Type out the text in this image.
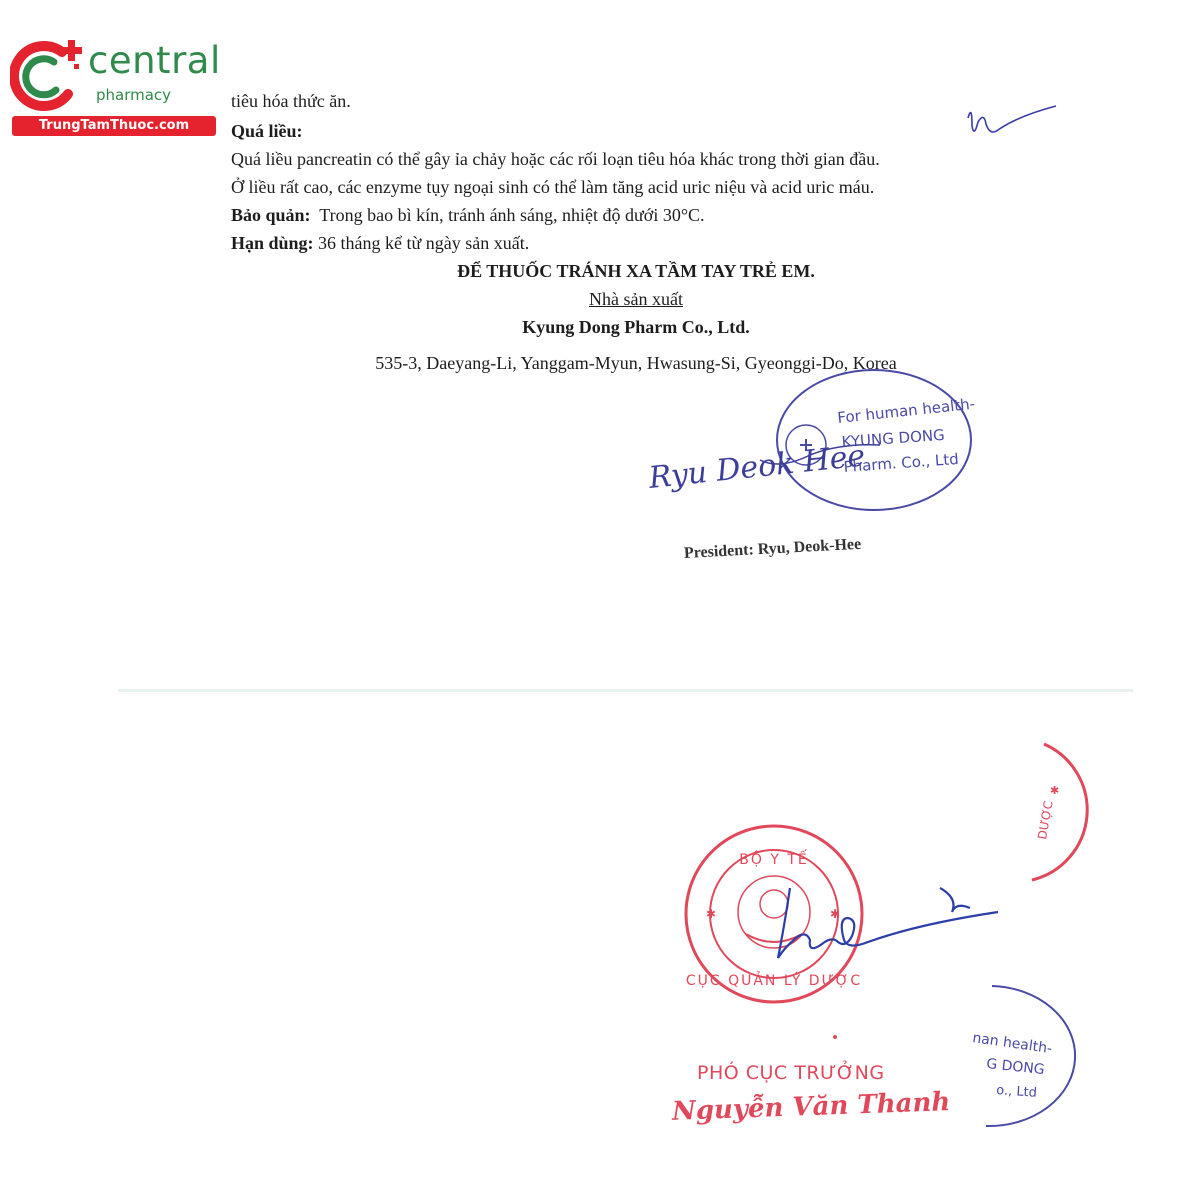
central
pharmacy
TrungTamThuoc.com
tiêu hóa thức ăn.
Quá liều:
Quá liều pancreatin có thể gây ỉa chảy hoặc các rối loạn tiêu hóa khác trong thời gian đầu.
Ở liều rất cao, các enzyme tụy ngoại sinh có thể làm tăng acid uric niệu và acid uric máu.
Bảo quản: Trong bao bì kín, tránh ánh sáng, nhiệt độ dưới 30°C.
Hạn dùng: 36 tháng kể từ ngày sản xuất.
ĐỂ THUỐC TRÁNH XA TẦM TAY TRẺ EM.
Nhà sản xuất
Kyung Dong Pharm Co., Ltd.
535-3, Daeyang-Li, Yanggam-Myun, Hwasung-Si, Gyeonggi-Do, Korea
President: Ryu, Deok-Hee
For human health-
KYUNG DONG
Pharm. Co., Ltd
Ryu Deok Hee
BỘ Y TẾ
CỤC QUẢN LÝ DƯỢC
✱	✱
DƯỢC
✱
nan health-
G DONG
o., Ltd
PHÓ CỤC TRƯỞNG
Nguyễn Văn Thanh
